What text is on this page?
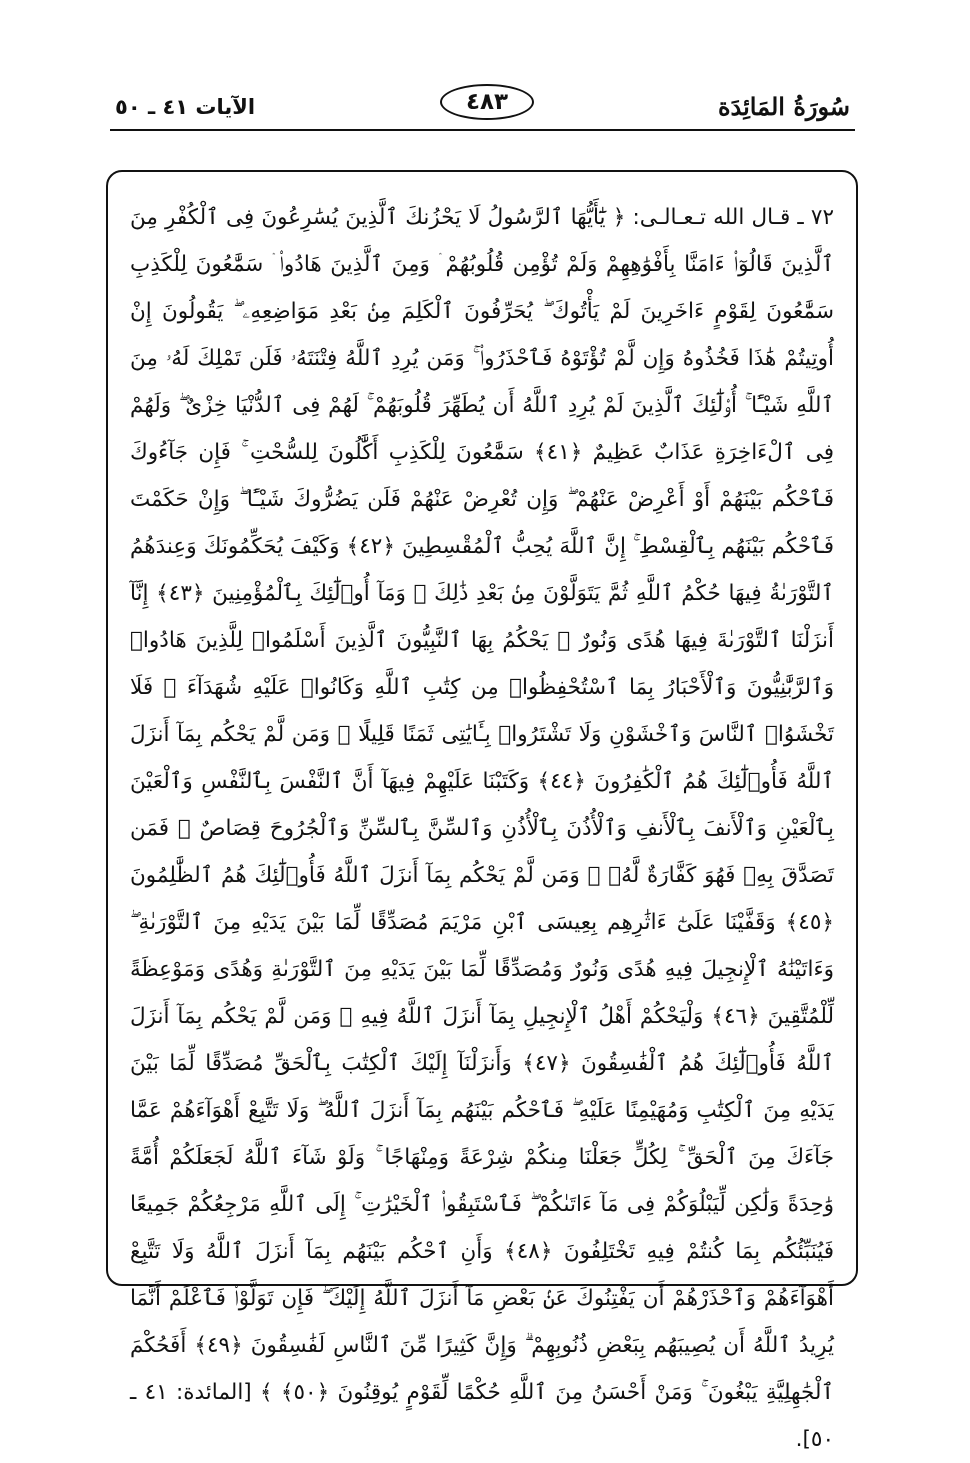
الآيات ٤١ ـ ٥٠	٤٨٣	سُورَةُ المَائِدَة

٧٢ ـ قـال الله تـعـالـى: ﴿ يَٰٓأَيُّهَا ٱلرَّسُولُ لَا يَحْزُنكَ ٱلَّذِينَ يُسَٰرِعُونَ فِى ٱلْكُفْرِ مِنَ ٱلَّذِينَ قَالُوٓا۟ ءَامَنَّا بِأَفْوَٰهِهِمْ وَلَمْ تُؤْمِن قُلُوبُهُمْ ۛ وَمِنَ ٱلَّذِينَ هَادُوا۟ ۛ سَمَّٰعُونَ لِلْكَذِبِ سَمَّٰعُونَ لِقَوْمٍ ءَاخَرِينَ لَمْ يَأْتُوكَ ۖ يُحَرِّفُونَ ٱلْكَلِمَ مِنۢ بَعْدِ مَوَاضِعِهِۦ ۖ يَقُولُونَ إِنْ أُوتِيتُمْ هَٰذَا فَخُذُوهُ وَإِن لَّمْ تُؤْتَوْهُ فَٱحْذَرُوا۟ ۚ وَمَن يُرِدِ ٱللَّهُ فِتْنَتَهُۥ فَلَن تَمْلِكَ لَهُۥ مِنَ ٱللَّهِ شَيْـًٔا ۚ أُو۟لَٰٓئِكَ ٱلَّذِينَ لَمْ يُرِدِ ٱللَّهُ أَن يُطَهِّرَ قُلُوبَهُمْ ۚ لَهُمْ فِى ٱلدُّنْيَا خِزْىٌ ۖ وَلَهُمْ فِى ٱلْءَاخِرَةِ عَذَابٌ عَظِيمٌ ﴿٤١﴾ سَمَّٰعُونَ لِلْكَذِبِ أَكَّٰلُونَ لِلسُّحْتِ ۚ فَإِن جَآءُوكَ فَٱحْكُم بَيْنَهُمْ أَوْ أَعْرِضْ عَنْهُمْ ۖ وَإِن تُعْرِضْ عَنْهُمْ فَلَن يَضُرُّوكَ شَيْـًٔا ۖ وَإِنْ حَكَمْتَ فَٱحْكُم بَيْنَهُم بِٱلْقِسْطِ ۚ إِنَّ ٱللَّهَ يُحِبُّ ٱلْمُقْسِطِينَ ﴿٤٢﴾ وَكَيْفَ يُحَكِّمُونَكَ وَعِندَهُمُ ٱلتَّوْرَىٰةُ فِيهَا حُكْمُ ٱللَّهِ ثُمَّ يَتَوَلَّوْنَ مِنۢ بَعْدِ ذَٰلِكَ ۚ وَمَآ أُو۟لَٰٓئِكَ بِٱلْمُؤْمِنِينَ ﴿٤٣﴾ إِنَّآ أَنزَلْنَا ٱلتَّوْرَىٰةَ فِيهَا هُدًى وَنُورٌ ۚ يَحْكُمُ بِهَا ٱلنَّبِيُّونَ ٱلَّذِينَ أَسْلَمُوا۟ لِلَّذِينَ هَادُوا۟ وَٱلرَّبَّٰنِيُّونَ وَٱلْأَحْبَارُ بِمَا ٱسْتُحْفِظُوا۟ مِن كِتَٰبِ ٱللَّهِ وَكَانُوا۟ عَلَيْهِ شُهَدَآءَ ۚ فَلَا تَخْشَوُا۟ ٱلنَّاسَ وَٱخْشَوْنِ وَلَا تَشْتَرُوا۟ بِـَٔايَٰتِى ثَمَنًا قَلِيلًا ۚ وَمَن لَّمْ يَحْكُم بِمَآ أَنزَلَ ٱللَّهُ فَأُو۟لَٰٓئِكَ هُمُ ٱلْكَٰفِرُونَ ﴿٤٤﴾ وَكَتَبْنَا عَلَيْهِمْ فِيهَآ أَنَّ ٱلنَّفْسَ بِٱلنَّفْسِ وَٱلْعَيْنَ بِٱلْعَيْنِ وَٱلْأَنفَ بِٱلْأَنفِ وَٱلْأُذُنَ بِٱلْأُذُنِ وَٱلسِّنَّ بِٱلسِّنِّ وَٱلْجُرُوحَ قِصَاصٌ ۚ فَمَن تَصَدَّقَ بِهِۦ فَهُوَ كَفَّارَةٌ لَّهُۥ ۚ وَمَن لَّمْ يَحْكُم بِمَآ أَنزَلَ ٱللَّهُ فَأُو۟لَٰٓئِكَ هُمُ ٱلظَّٰلِمُونَ ﴿٤٥﴾ وَقَفَّيْنَا عَلَىٰٓ ءَاثَٰرِهِم بِعِيسَى ٱبْنِ مَرْيَمَ مُصَدِّقًا لِّمَا بَيْنَ يَدَيْهِ مِنَ ٱلتَّوْرَىٰةِ ۖ وَءَاتَيْنَٰهُ ٱلْإِنجِيلَ فِيهِ هُدًى وَنُورٌ وَمُصَدِّقًا لِّمَا بَيْنَ يَدَيْهِ مِنَ ٱلتَّوْرَىٰةِ وَهُدًى وَمَوْعِظَةً لِّلْمُتَّقِينَ ﴿٤٦﴾ وَلْيَحْكُمْ أَهْلُ ٱلْإِنجِيلِ بِمَآ أَنزَلَ ٱللَّهُ فِيهِ ۚ وَمَن لَّمْ يَحْكُم بِمَآ أَنزَلَ ٱللَّهُ فَأُو۟لَٰٓئِكَ هُمُ ٱلْفَٰسِقُونَ ﴿٤٧﴾ وَأَنزَلْنَآ إِلَيْكَ ٱلْكِتَٰبَ بِٱلْحَقِّ مُصَدِّقًا لِّمَا بَيْنَ يَدَيْهِ مِنَ ٱلْكِتَٰبِ وَمُهَيْمِنًا عَلَيْهِ ۖ فَٱحْكُم بَيْنَهُم بِمَآ أَنزَلَ ٱللَّهُ ۖ وَلَا تَتَّبِعْ أَهْوَآءَهُمْ عَمَّا جَآءَكَ مِنَ ٱلْحَقِّ ۚ لِكُلٍّ جَعَلْنَا مِنكُمْ شِرْعَةً وَمِنْهَاجًا ۚ وَلَوْ شَآءَ ٱللَّهُ لَجَعَلَكُمْ أُمَّةً وَٰحِدَةً وَلَٰكِن لِّيَبْلُوَكُمْ فِى مَآ ءَاتَىٰكُمْ ۖ فَٱسْتَبِقُوا۟ ٱلْخَيْرَٰتِ ۚ إِلَى ٱللَّهِ مَرْجِعُكُمْ جَمِيعًا فَيُنَبِّئُكُم بِمَا كُنتُمْ فِيهِ تَخْتَلِفُونَ ﴿٤٨﴾ وَأَنِ ٱحْكُم بَيْنَهُم بِمَآ أَنزَلَ ٱللَّهُ وَلَا تَتَّبِعْ أَهْوَآءَهُمْ وَٱحْذَرْهُمْ أَن يَفْتِنُوكَ عَنۢ بَعْضِ مَآ أَنزَلَ ٱللَّهُ إِلَيْكَ ۖ فَإِن تَوَلَّوْا۟ فَٱعْلَمْ أَنَّمَا يُرِيدُ ٱللَّهُ أَن يُصِيبَهُم بِبَعْضِ ذُنُوبِهِمْ ۗ وَإِنَّ كَثِيرًا مِّنَ ٱلنَّاسِ لَفَٰسِقُونَ ﴿٤٩﴾ أَفَحُكْمَ ٱلْجَٰهِلِيَّةِ يَبْغُونَ ۚ وَمَنْ أَحْسَنُ مِنَ ٱللَّهِ حُكْمًا لِّقَوْمٍ يُوقِنُونَ ﴿٥٠﴾ ﴾ [المائدة: ٤١ ـ ٥٠].
